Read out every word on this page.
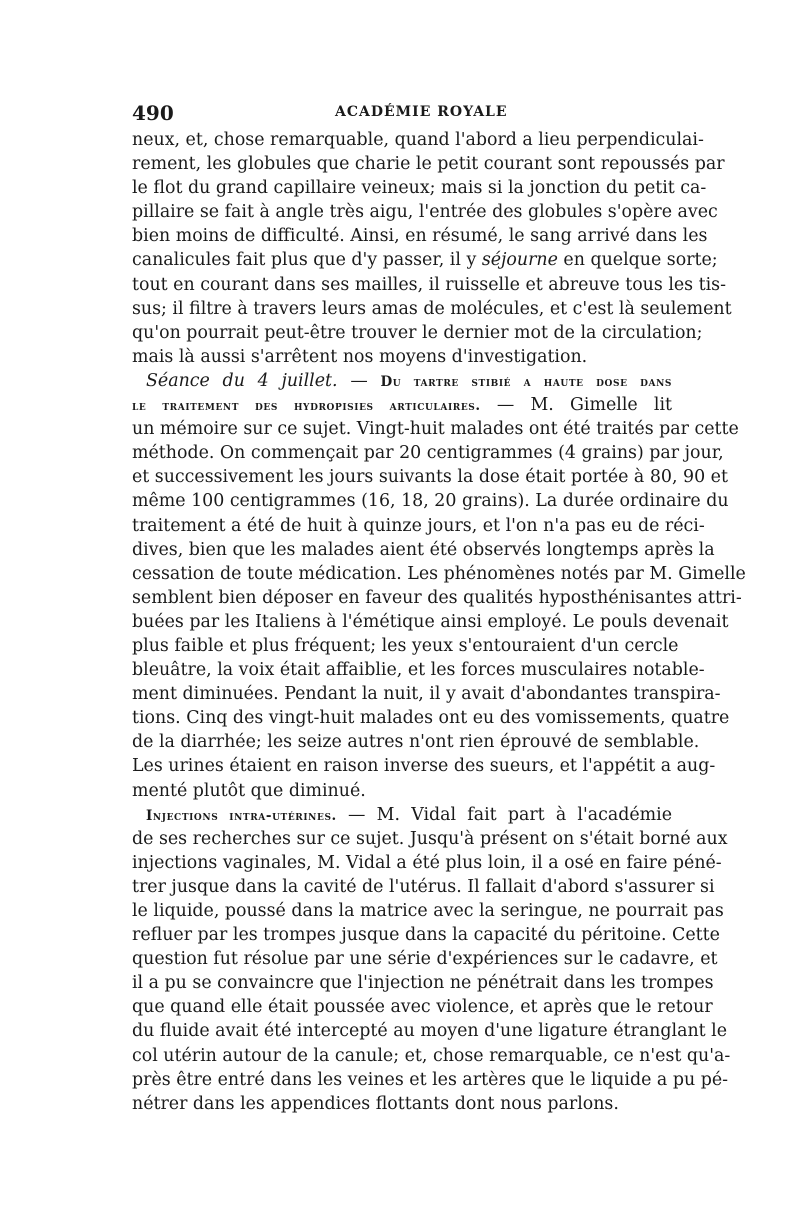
490	ACADÉMIE ROYALE
neux, et, chose remarquable, quand l'abord a lieu perpendiculai-
rement, les globules que charie le petit courant sont repoussés par
le flot du grand capillaire veineux; mais si la jonction du petit ca-
pillaire se fait à angle très aigu, l'entrée des globules s'opère avec
bien moins de difficulté. Ainsi, en résumé, le sang arrivé dans les
canalicules fait plus que d'y passer, il y séjourne en quelque sorte;
tout en courant dans ses mailles, il ruisselle et abreuve tous les tis-
sus; il filtre à travers leurs amas de molécules, et c'est là seulement
qu'on pourrait peut-être trouver le dernier mot de la circulation;
mais là aussi s'arrêtent nos moyens d'investigation.
Séance du 4 juillet. — Du tartre stibié a haute dose dans
le traitement des hydropisies articulaires. — M. Gimelle lit
un mémoire sur ce sujet. Vingt-huit malades ont été traités par cette
méthode. On commençait par 20 centigrammes (4 grains) par jour,
et successivement les jours suivants la dose était portée à 80, 90 et
même 100 centigrammes (16, 18, 20 grains). La durée ordinaire du
traitement a été de huit à quinze jours, et l'on n'a pas eu de réci-
dives, bien que les malades aient été observés longtemps après la
cessation de toute médication. Les phénomènes notés par M. Gimelle
semblent bien déposer en faveur des qualités hyposthénisantes attri-
buées par les Italiens à l'émétique ainsi employé. Le pouls devenait
plus faible et plus fréquent; les yeux s'entouraient d'un cercle
bleuâtre, la voix était affaiblie, et les forces musculaires notable-
ment diminuées. Pendant la nuit, il y avait d'abondantes transpira-
tions. Cinq des vingt-huit malades ont eu des vomissements, quatre
de la diarrhée; les seize autres n'ont rien éprouvé de semblable.
Les urines étaient en raison inverse des sueurs, et l'appétit a aug-
menté plutôt que diminué.
Injections intra-utérines. — M. Vidal fait part à l'académie
de ses recherches sur ce sujet. Jusqu'à présent on s'était borné aux
injections vaginales, M. Vidal a été plus loin, il a osé en faire péné-
trer jusque dans la cavité de l'utérus. Il fallait d'abord s'assurer si
le liquide, poussé dans la matrice avec la seringue, ne pourrait pas
refluer par les trompes jusque dans la capacité du péritoine. Cette
question fut résolue par une série d'expériences sur le cadavre, et
il a pu se convaincre que l'injection ne pénétrait dans les trompes
que quand elle était poussée avec violence, et après que le retour
du fluide avait été intercepté au moyen d'une ligature étranglant le
col utérin autour de la canule; et, chose remarquable, ce n'est qu'a-
près être entré dans les veines et les artères que le liquide a pu pé-
nétrer dans les appendices flottants dont nous parlons.
